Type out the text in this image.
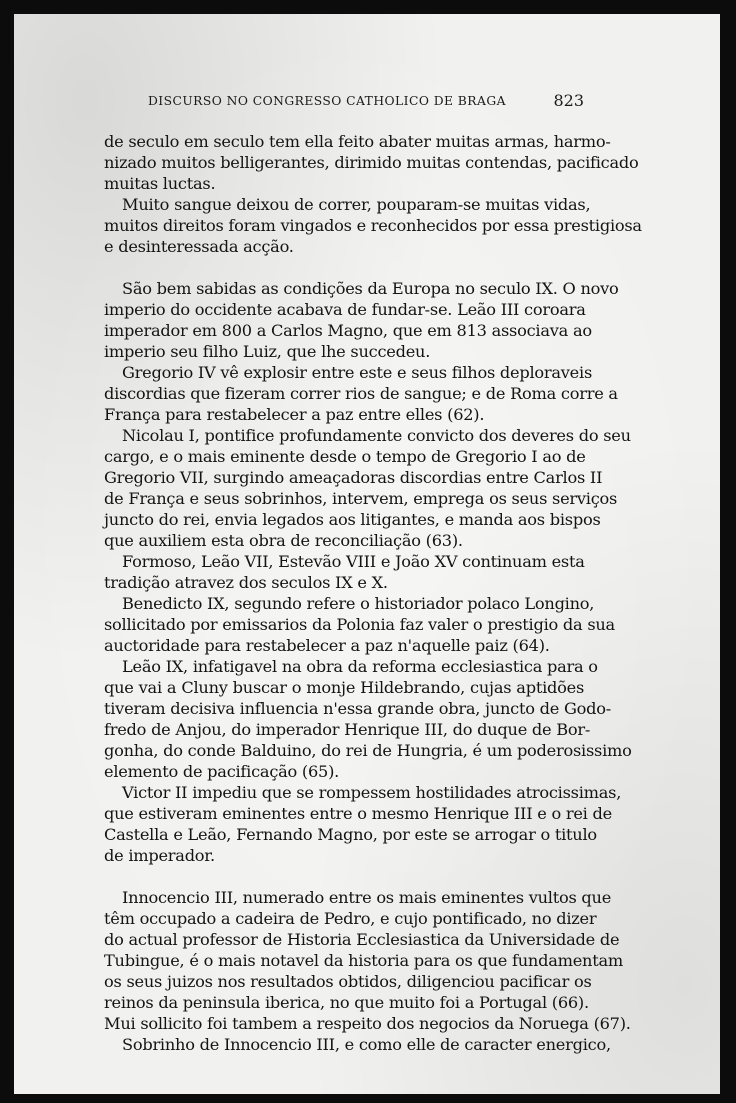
DISCURSO NO CONGRESSO CATHOLICO DE BRAGA	823
de seculo em seculo tem ella feito abater muitas armas, harmo-
nizado muitos belligerantes, dirimido muitas contendas, pacificado
muitas luctas.
Muito sangue deixou de correr, pouparam-se muitas vidas,
muitos direitos foram vingados e reconhecidos por essa prestigiosa
e desinteressada acção.
São bem sabidas as condições da Europa no seculo IX. O novo
imperio do occidente acabava de fundar-se. Leão III coroara
imperador em 800 a Carlos Magno, que em 813 associava ao
imperio seu filho Luiz, que lhe succedeu.
Gregorio IV vê explosir entre este e seus filhos deploraveis
discordias que fizeram correr rios de sangue; e de Roma corre a
França para restabelecer a paz entre elles (62).
Nicolau I, pontifice profundamente convicto dos deveres do seu
cargo, e o mais eminente desde o tempo de Gregorio I ao de
Gregorio VII, surgindo ameaçadoras discordias entre Carlos II
de França e seus sobrinhos, intervem, emprega os seus serviços
juncto do rei, envia legados aos litigantes, e manda aos bispos
que auxiliem esta obra de reconciliação (63).
Formoso, Leão VII, Estevão VIII e João XV continuam esta
tradição atravez dos seculos IX e X.
Benedicto IX, segundo refere o historiador polaco Longino,
sollicitado por emissarios da Polonia faz valer o prestigio da sua
auctoridade para restabelecer a paz n'aquelle paiz (64).
Leão IX, infatigavel na obra da reforma ecclesiastica para o
que vai a Cluny buscar o monje Hildebrando, cujas aptidões
tiveram decisiva influencia n'essa grande obra, juncto de Godo-
fredo de Anjou, do imperador Henrique III, do duque de Bor-
gonha, do conde Balduino, do rei de Hungria, é um poderosissimo
elemento de pacificação (65).
Victor II impediu que se rompessem hostilidades atrocissimas,
que estiveram eminentes entre o mesmo Henrique III e o rei de
Castella e Leão, Fernando Magno, por este se arrogar o titulo
de imperador.
Innocencio III, numerado entre os mais eminentes vultos que
têm occupado a cadeira de Pedro, e cujo pontificado, no dizer
do actual professor de Historia Ecclesiastica da Universidade de
Tubingue, é o mais notavel da historia para os que fundamentam
os seus juizos nos resultados obtidos, diligenciou pacificar os
reinos da peninsula iberica, no que muito foi a Portugal (66).
Mui sollicito foi tambem a respeito dos negocios da Noruega (67).
Sobrinho de Innocencio III, e como elle de caracter energico,
